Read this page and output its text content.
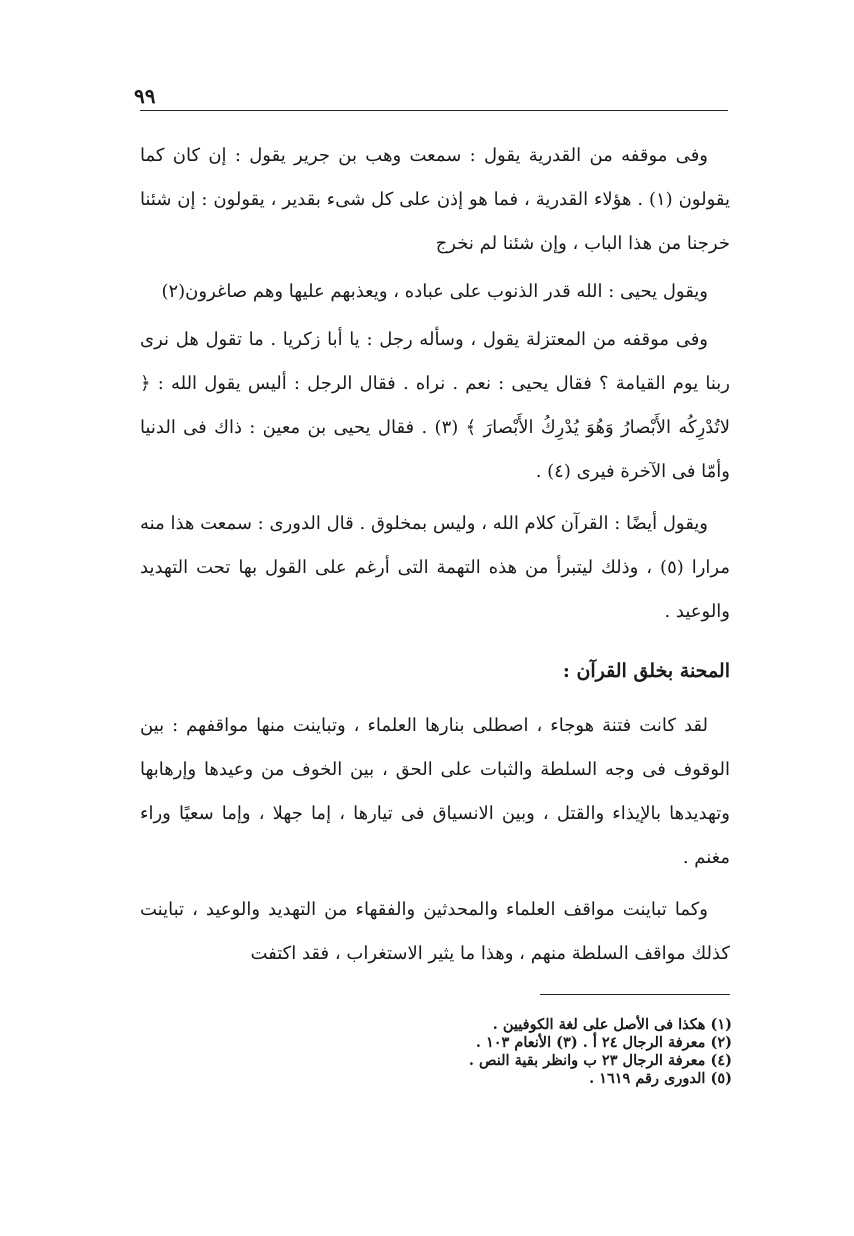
٩٩

وفى موقفه من القدرية يقول : سمعت وهب بن جرير يقول : إن كان كما يقولون (١) . هؤلاء القدرية ، فما هو إذن على كل شىء بقدير ، يقولون : إن شئنا خرجنا من هذا الباب ، وإن شئنا لم نخرج

ويقول يحيى : الله قدر الذنوب على عباده ، ويعذبهم عليها وهم صاغرون(٢)

وفى موقفه من المعتزلة يقول ، وسأله رجل : يا أبا زكريا . ما تقول هل نرى ربنا يوم القيامة ؟ فقال يحيى : نعم . نراه . فقال الرجل : أليس يقول الله : ﴿ لاتُدْرِكُه الأَبْصارُ وَهُوَ يُدْرِكُ الأَبْصارَ ﴾ (٣) . فقال يحيى بن معين : ذاك فى الدنيا وأمّا فى الآخرة فيرى (٤) .

ويقول أيضًا : القرآن كلام الله ، وليس بمخلوق . قال الدورى : سمعت هذا منه مرارا (٥) ، وذلك ليتبرأ من هذه التهمة التى أرغم على القول بها تحت التهديد والوعيد .

المحنة بخلق القرآن :

لقد كانت فتنة هوجاء ، اصطلى بنارها العلماء ، وتباينت منها مواقفهم : بين الوقوف فى وجه السلطة والثبات على الحق ، بين الخوف من وعيدها وإرهابها وتهديدها بالإيذاء والقتل ، وبين الانسياق فى تيارها ، إما جهلا ، وإما سعيًا وراء مغنم .

وكما تباينت مواقف العلماء والمحدثين والفقهاء من التهديد والوعيد ، تباينت كذلك مواقف السلطة منهم ، وهذا ما يثير الاستغراب ، فقد اكتفت

(١) هكذا فى الأصل على لغة الكوفيين .
(٢) معرفة الرجال ٢٤ أ . (٣) الأنعام ١٠٣ .
(٤) معرفة الرجال ٢٣ ب وانظر بقية النص .
(٥) الدورى رقم ١٦١٩ .
